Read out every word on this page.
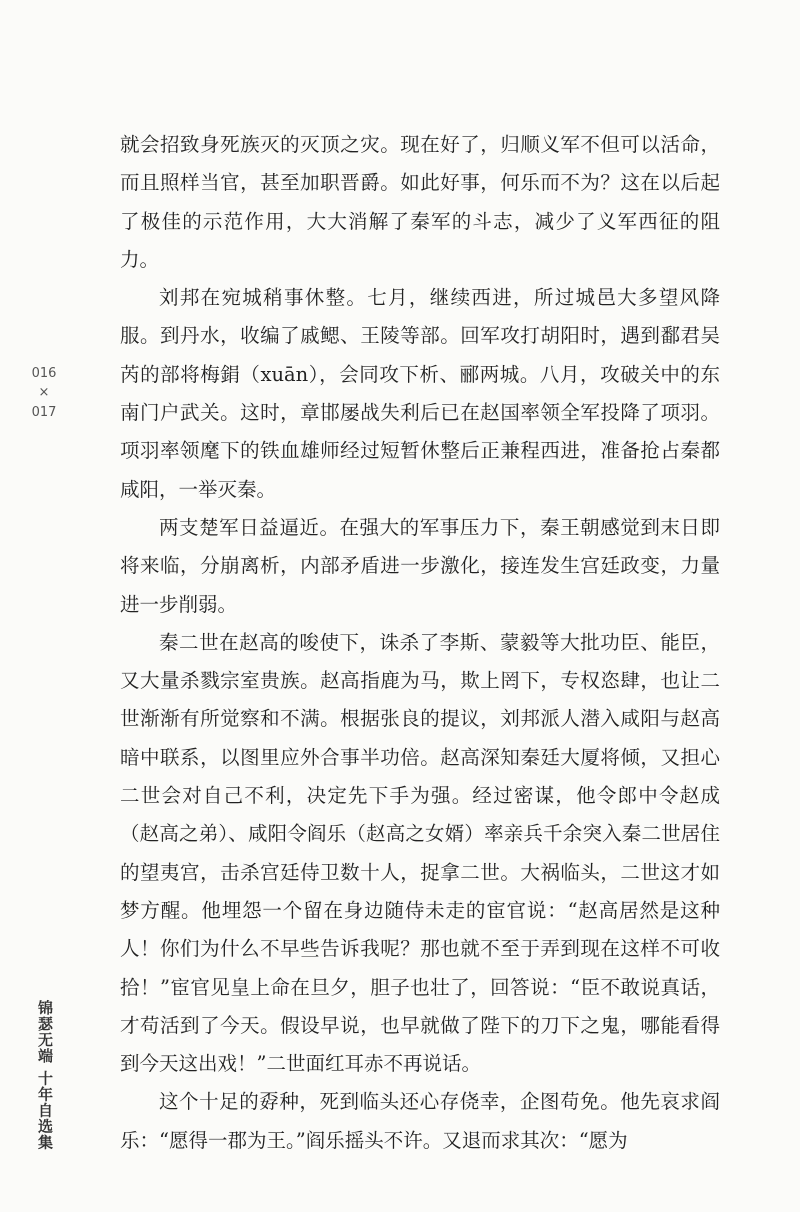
016
×
017
锦瑟无端 十年自选集

就会招致身死族灭的灭顶之灾。现在好了，归顺义军不但可以活命，而且照样当官，甚至加职晋爵。如此好事，何乐而不为？这在以后起了极佳的示范作用，大大消解了秦军的斗志，减少了义军西征的阻力。

刘邦在宛城稍事休整。七月，继续西进，所过城邑大多望风降服。到丹水，收编了戚鳃、王陵等部。回军攻打胡阳时，遇到鄱君吴芮的部将梅鋗（xuān），会同攻下析、郦两城。八月，攻破关中的东南门户武关。这时，章邯屡战失利后已在赵国率领全军投降了项羽。项羽率领麾下的铁血雄师经过短暂休整后正兼程西进，准备抢占秦都咸阳，一举灭秦。

两支楚军日益逼近。在强大的军事压力下，秦王朝感觉到末日即将来临，分崩离析，内部矛盾进一步激化，接连发生宫廷政变，力量进一步削弱。

秦二世在赵高的唆使下，诛杀了李斯、蒙毅等大批功臣、能臣，又大量杀戮宗室贵族。赵高指鹿为马，欺上罔下，专权恣肆，也让二世渐渐有所觉察和不满。根据张良的提议，刘邦派人潜入咸阳与赵高暗中联系，以图里应外合事半功倍。赵高深知秦廷大厦将倾，又担心二世会对自己不利，决定先下手为强。经过密谋，他令郎中令赵成（赵高之弟）、咸阳令阎乐（赵高之女婿）率亲兵千余突入秦二世居住的望夷宫，击杀宫廷侍卫数十人，捉拿二世。大祸临头，二世这才如梦方醒。他埋怨一个留在身边随侍未走的宦官说：“赵高居然是这种人！你们为什么不早些告诉我呢？那也就不至于弄到现在这样不可收拾！”宦官见皇上命在旦夕，胆子也壮了，回答说：“臣不敢说真话，才苟活到了今天。假设早说，也早就做了陛下的刀下之鬼，哪能看得到今天这出戏！”二世面红耳赤不再说话。

这个十足的孬种，死到临头还心存侥幸，企图苟免。他先哀求阎乐：“愿得一郡为王。”阎乐摇头不许。又退而求其次：“愿为
